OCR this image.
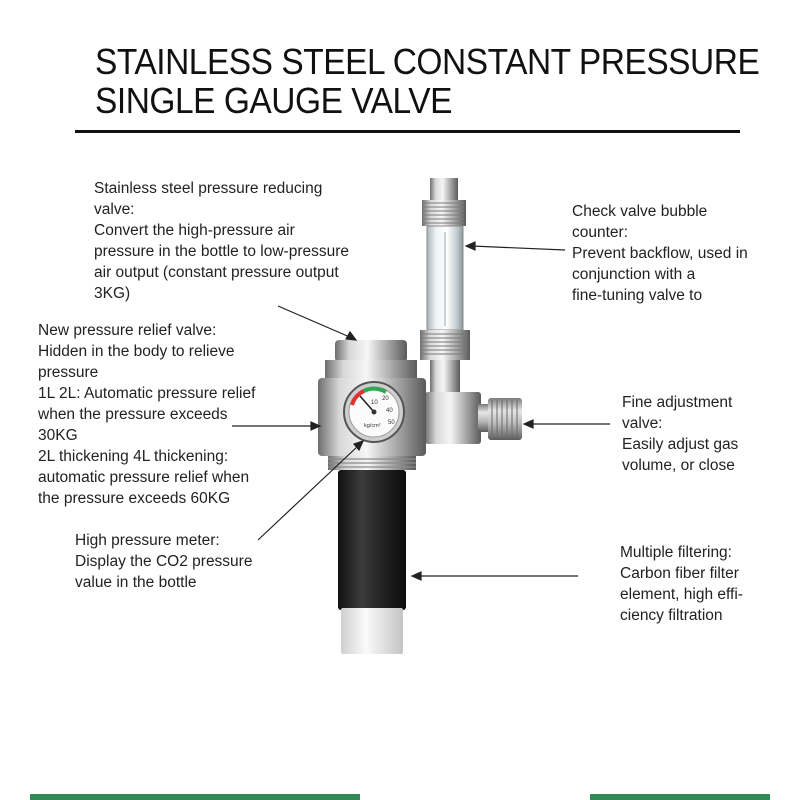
STAINLESS STEEL CONSTANT PRESSURE
SINGLE GAUGE VALVE
Stainless steel pressure reducing
valve:
Convert the high-pressure air
pressure in the bottle to low-pressure
air output (constant pressure output
3KG)
Check valve bubble
counter:
Prevent backflow, used in
conjunction with a
fine-tuning valve to
New pressure relief valve:
Hidden in the body to relieve
pressure
1L 2L: Automatic pressure relief
when the pressure exceeds
30KG
2L thickening 4L thickening:
automatic pressure relief when
the pressure exceeds 60KG
Fine adjustment
valve:
Easily adjust gas
volume, or close
High pressure meter:
Display the CO2 pressure
value in the bottle
Multiple filtering:
Carbon fiber filter
element, high effi-
ciency filtration
10
20
40
50
kg/cm²
